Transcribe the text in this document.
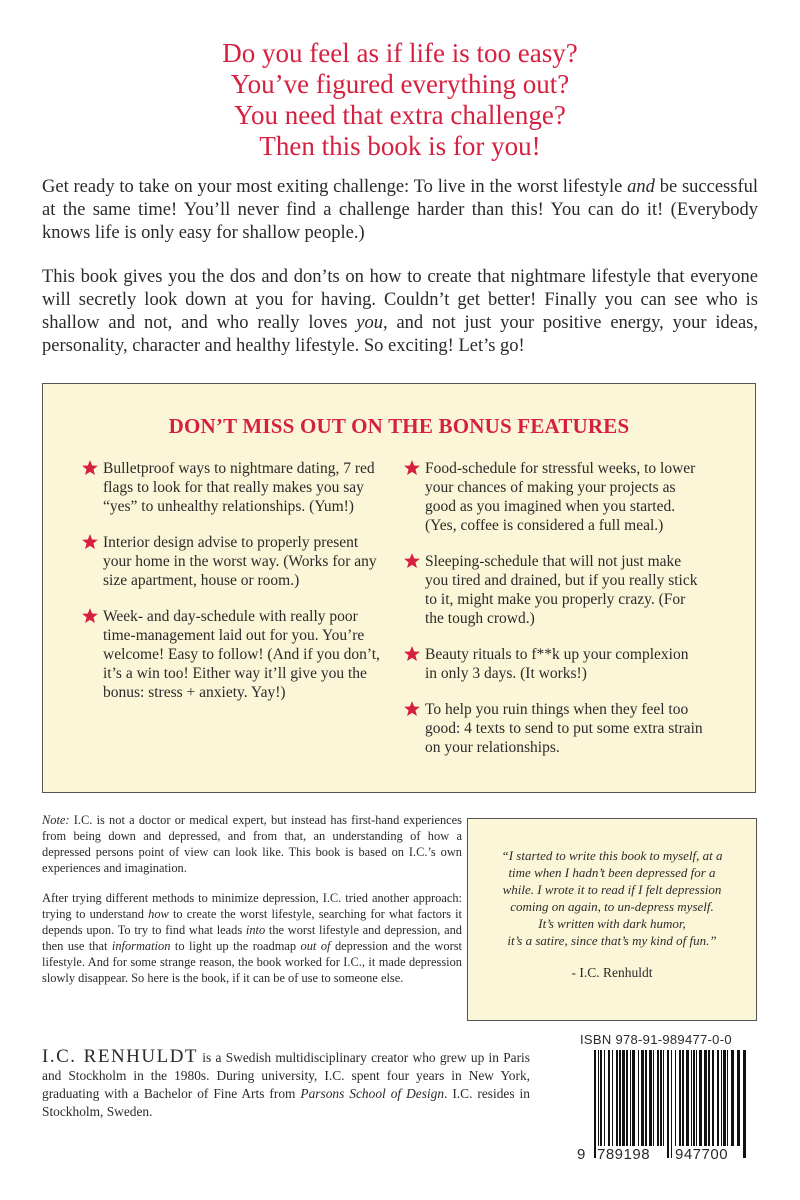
Do you feel as if life is too easy?
You’ve figured everything out?
You need that extra challenge?
Then this book is for you!

Get ready to take on your most exiting challenge: To live in the worst lifestyle and be successful at the same time! You’ll never find a challenge harder than this! You can do it! (Everybody knows life is only easy for shallow people.)

This book gives you the dos and don’ts on how to create that nightmare lifestyle that everyone will secretly look down at you for having. Couldn’t get better! Finally you can see who is shallow and not, and who really loves you, and not just your positive energy, your ideas, personality, character and healthy lifestyle. So exciting! Let’s go!

DON’T MISS OUT ON THE BONUS FEATURES
Bulletproof ways to nightmare dating, 7 red flags to look for that really makes you say “yes” to unhealthy relationships. (Yum!)
Interior design advise to properly present your home in the worst way. (Works for any size apartment, house or room.)
Week- and day-schedule with really poor time-management laid out for you. You’re welcome! Easy to follow! (And if you don’t, it’s a win too! Either way it’ll give you the bonus: stress + anxiety. Yay!)
Food-schedule for stressful weeks, to lower your chances of making your projects as good as you imagined when you started. (Yes, coffee is considered a full meal.)
Sleeping-schedule that will not just make you tired and drained, but if you really stick to it, might make you properly crazy. (For the tough crowd.)
Beauty rituals to f**k up your complexion in only 3 days. (It works!)
To help you ruin things when they feel too good: 4 texts to send to put some extra strain on your relationships.

Note: I.C. is not a doctor or medical expert, but instead has first-hand experiences from being down and depressed, and from that, an understanding of how a depressed persons point of view can look like. This book is based on I.C.’s own experiences and imagination.

After trying different methods to minimize depression, I.C. tried another approach: trying to understand how to create the worst lifestyle, searching for what factors it depends upon. To try to find what leads into the worst lifestyle and depression, and then use that information to light up the roadmap out of depression and the worst lifestyle. And for some strange reason, the book worked for I.C., it made depression slowly disappear. So here is the book, if it can be of use to someone else.

“I started to write this book to myself, at a
time when I hadn’t been depressed for a
while. I wrote it to read if I felt depression
coming on again, to un-depress myself.
It’s written with dark humor,
it’s a satire, since that’s my kind of fun.”
- I.C. Renhuldt

I.C. RENHULDT is a Swedish multidisciplinary creator who grew up in Paris and Stockholm in the 1980s. During university, I.C. spent four years in New York, graduating with a Bachelor of Fine Arts from Parsons School of Design. I.C. resides in Stockholm, Sweden.

ISBN 978-91-989477-0-0
9 789198 947700
